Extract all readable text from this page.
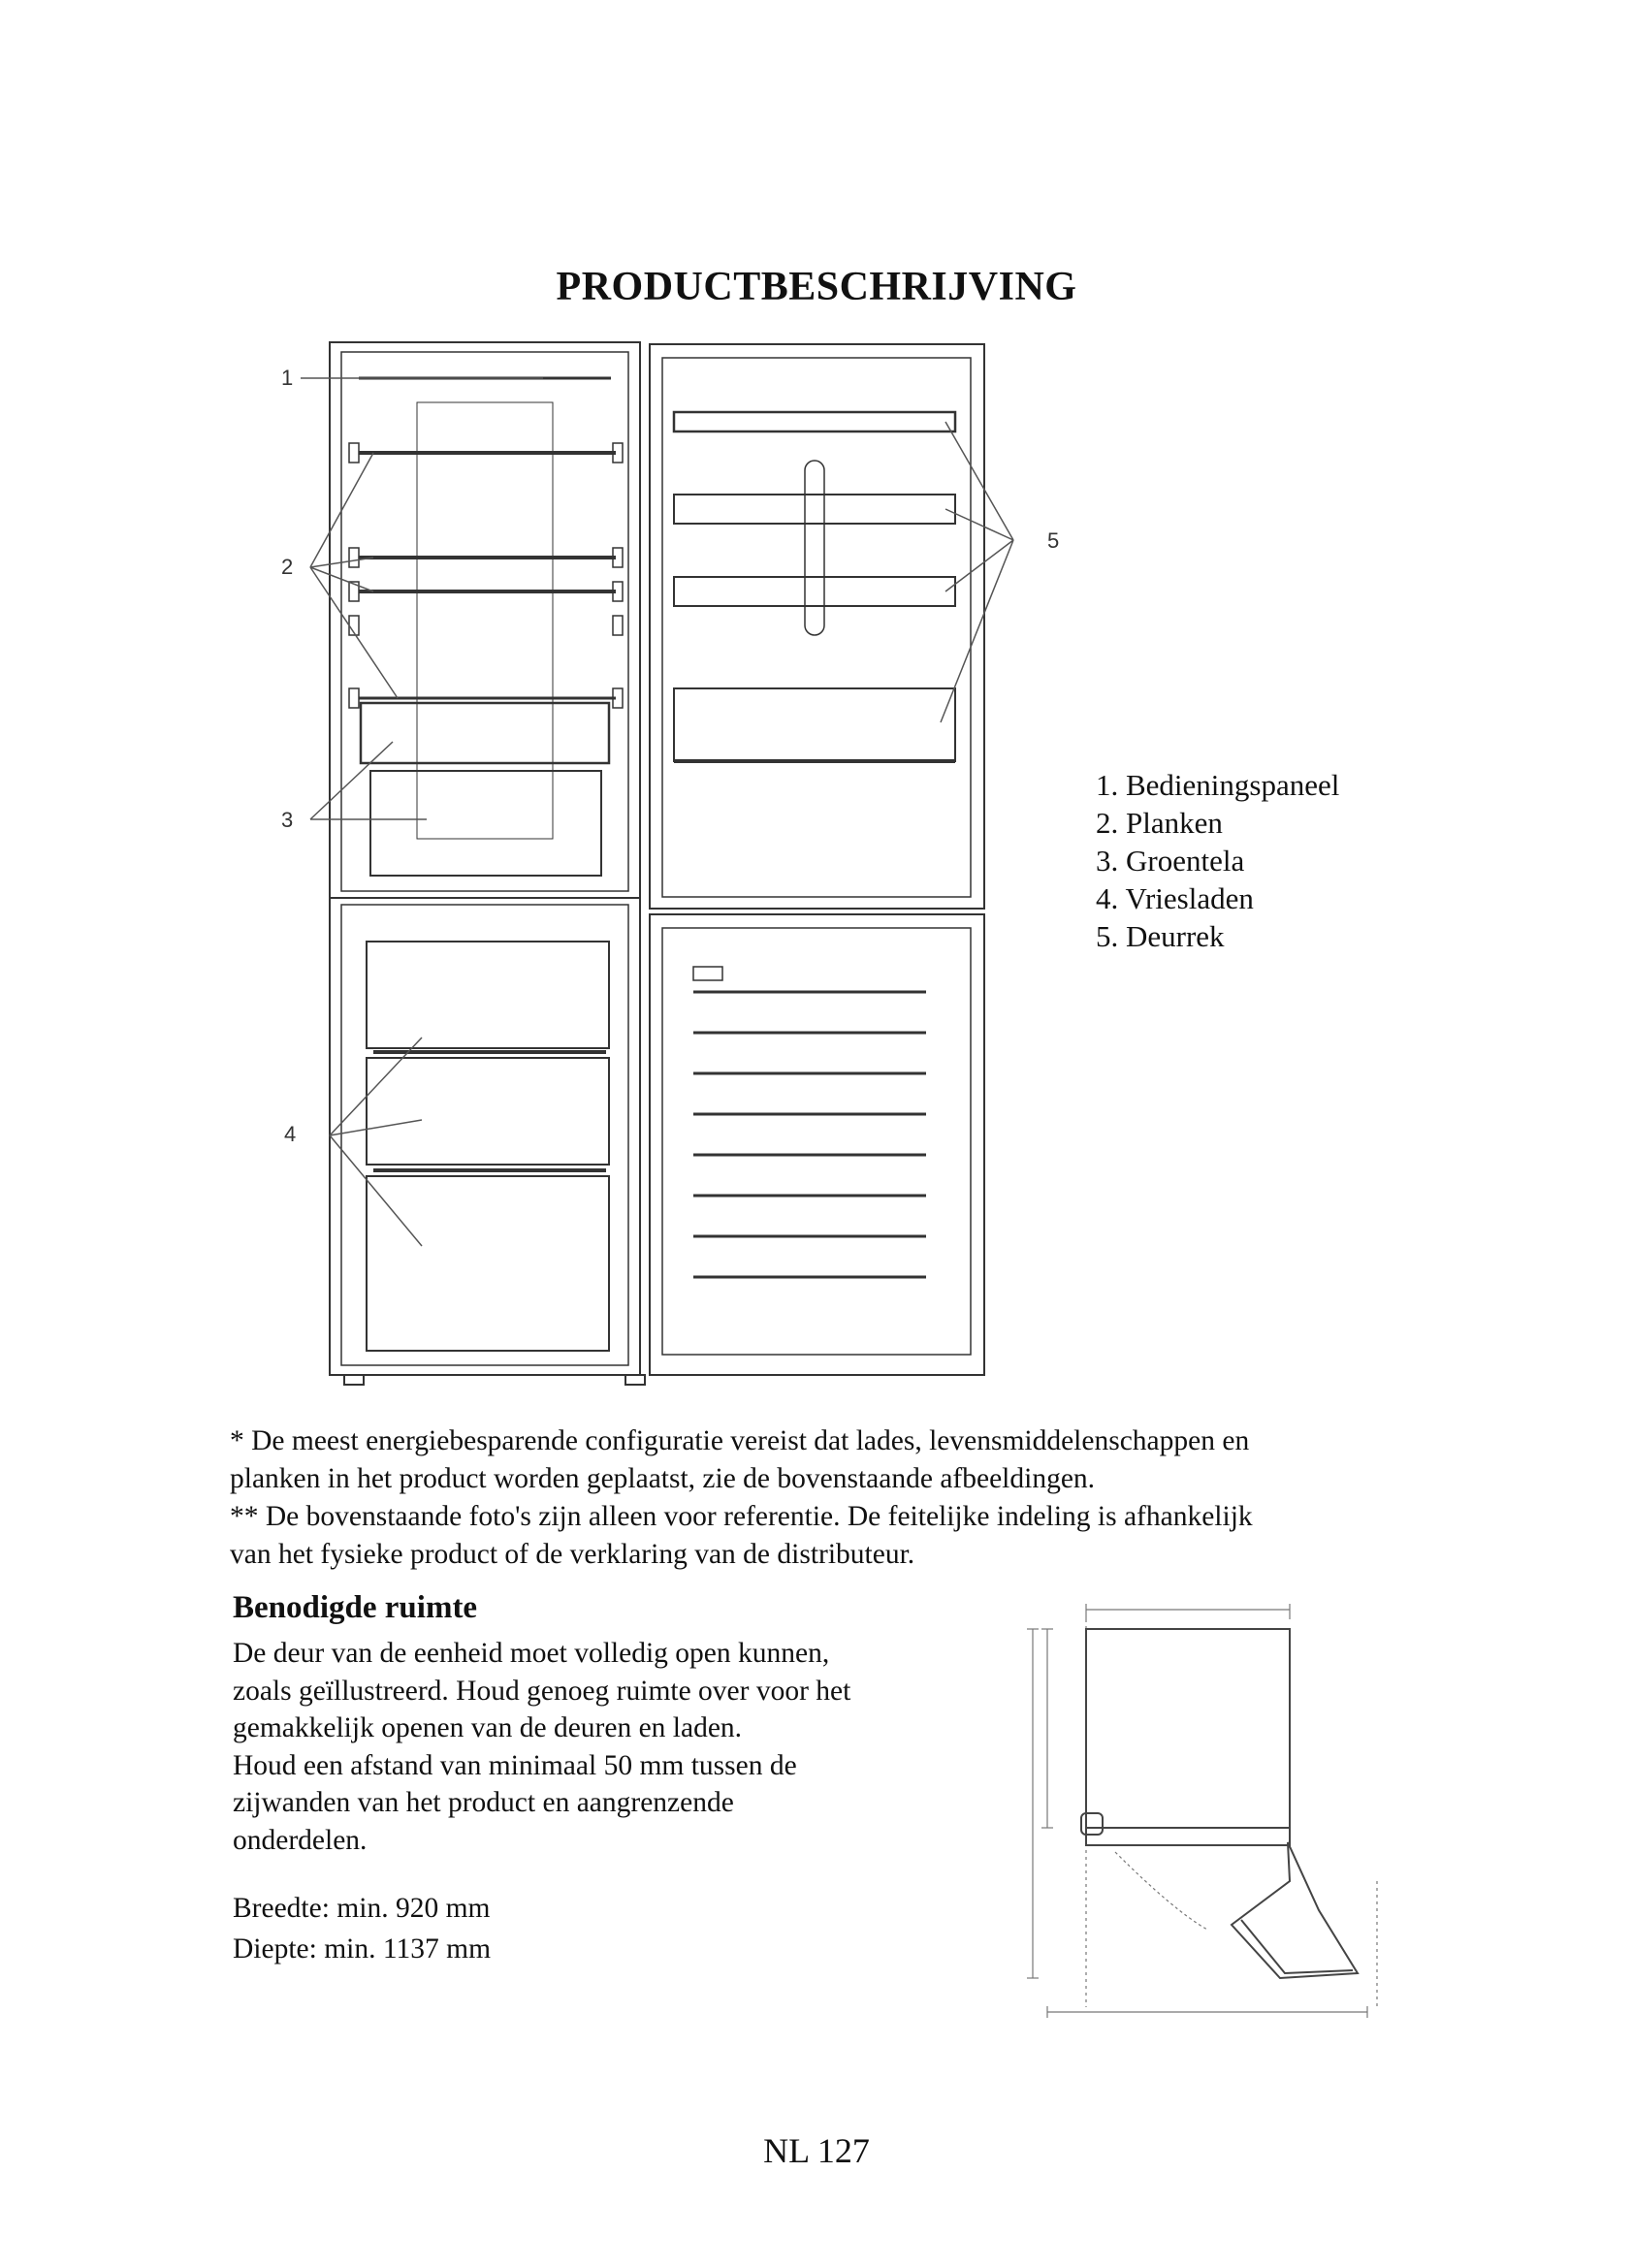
PRODUCTBESCHRIJVING
1
2
3
4
5
1. Bedieningspaneel
2. Planken
3. Groentela
4. Vriesladen
5. Deurrek
* De meest energiebesparende configuratie vereist dat lades, levensmiddelenschappen en
planken in het product worden geplaatst, zie de bovenstaande afbeeldingen.
** De bovenstaande foto's zijn alleen voor referentie. De feitelijke indeling is afhankelijk
van het fysieke product of de verklaring van de distributeur.
Benodigde ruimte
De deur van de eenheid moet volledig open kunnen,
zoals geïllustreerd. Houd genoeg ruimte over voor het
gemakkelijk openen van de deuren en laden.
Houd een afstand van minimaal 50 mm tussen de
zijwanden van het product en aangrenzende
onderdelen.
Breedte: min. 920 mm
Diepte: min. 1137 mm
NL 127
